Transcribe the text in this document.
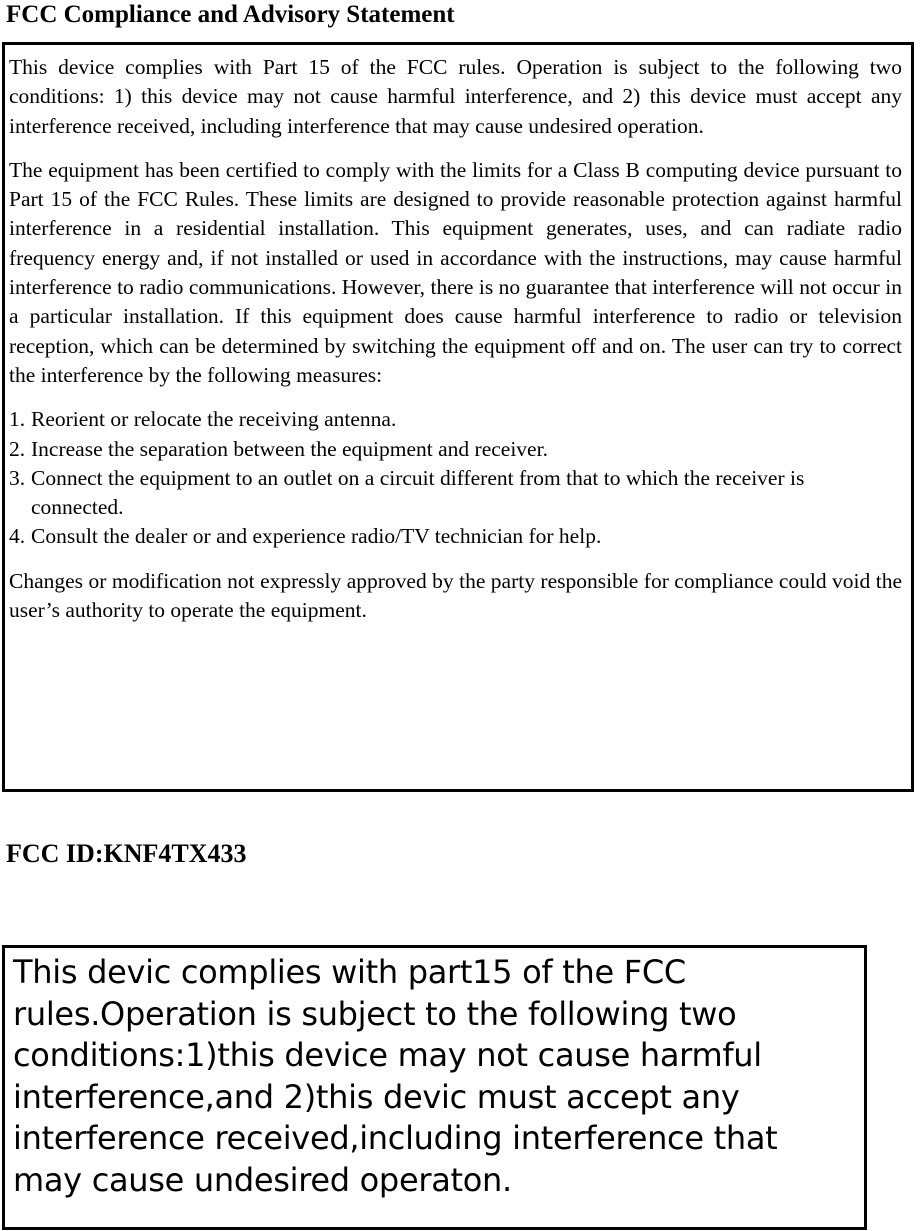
FCC Compliance and Advisory Statement

This device complies with Part 15 of the FCC rules. Operation is subject to the following two conditions: 1) this device may not cause harmful interference, and 2) this device must accept any interference received, including interference that may cause undesired operation.

The equipment has been certified to comply with the limits for a Class B computing device pursuant to Part 15 of the FCC Rules. These limits are designed to provide reasonable protection against harmful interference in a residential installation. This equipment generates, uses, and can radiate radio frequency energy and, if not installed or used in accordance with the instructions, may cause harmful interference to radio communications. However, there is no guarantee that interference will not occur in a particular installation. If this equipment does cause harmful interference to radio or television reception, which can be determined by switching the equipment off and on. The user can try to correct the interference by the following measures:

1. Reorient or relocate the receiving antenna.
2. Increase the separation between the equipment and receiver.
3. Connect the equipment to an outlet on a circuit different from that to which the receiver is connected.
4. Consult the dealer or and experience radio/TV technician for help.

Changes or modification not expressly approved by the party responsible for compliance could void the user’s authority to operate the equipment.

FCC ID:KNF4TX433

This devic complies with part15 of the FCC
rules.Operation is subject to the following two
conditions:1)this device may not cause harmful
interference,and 2)this devic must accept any
interference received,including interference that
may cause undesired operaton.
